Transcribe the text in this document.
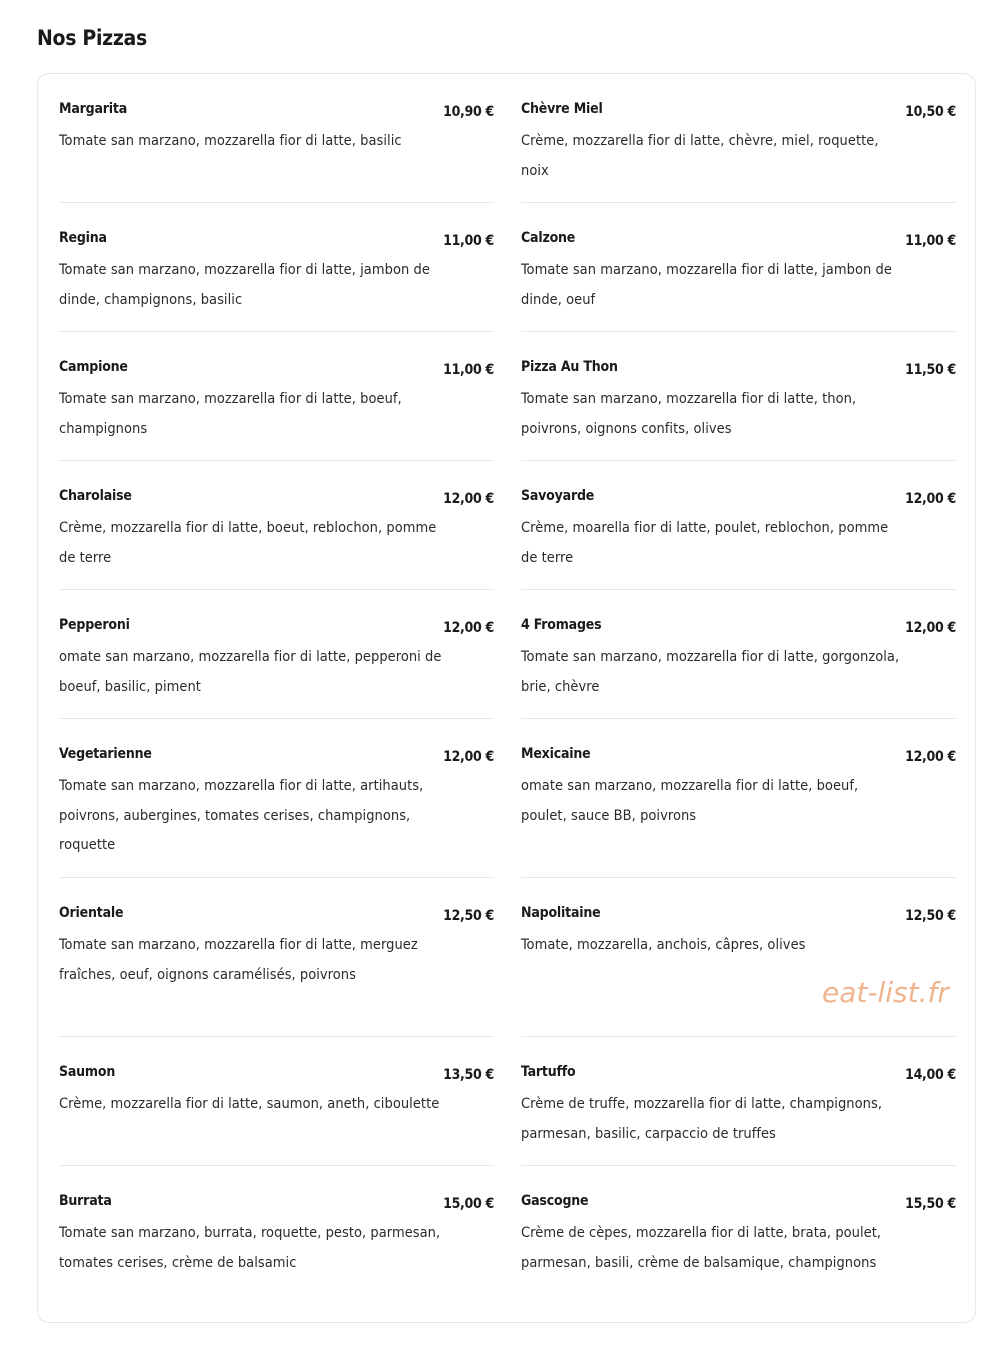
Nos Pizzas
Margarita	10,90 €
Tomate san marzano, mozzarella fior di latte, basilic
Regina	11,00 €
Tomate san marzano, mozzarella fior di latte, jambon de dinde, champignons, basilic
Campione	11,00 €
Tomate san marzano, mozzarella fior di latte, boeuf, champignons
Charolaise	12,00 €
Crème, mozzarella fior di latte, boeut, reblochon, pomme de terre
Pepperoni	12,00 €
omate san marzano, mozzarella fior di latte, pepperoni de boeuf, basilic, piment
Vegetarienne	12,00 €
Tomate san marzano, mozzarella fior di latte, artihauts, poivrons, aubergines, tomates cerises, champignons, roquette
Orientale	12,50 €
Tomate san marzano, mozzarella fior di latte, merguez fraîches, oeuf, oignons caramélisés, poivrons
Saumon	13,50 €
Crème, mozzarella fior di latte, saumon, aneth, ciboulette
Burrata	15,00 €
Tomate san marzano, burrata, roquette, pesto, parmesan, tomates cerises, crème de balsamic
Chèvre Miel	10,50 €
Crème, mozzarella fior di latte, chèvre, miel, roquette, noix
Calzone	11,00 €
Tomate san marzano, mozzarella fior di latte, jambon de dinde, oeuf
Pizza Au Thon	11,50 €
Tomate san marzano, mozzarella fior di latte, thon, poivrons, oignons confits, olives
Savoyarde	12,00 €
Crème, moarella fior di latte, poulet, reblochon, pomme de terre
4 Fromages	12,00 €
Tomate san marzano, mozzarella fior di latte, gorgonzola, brie, chèvre
Mexicaine	12,00 €
omate san marzano, mozzarella fior di latte, boeuf, poulet, sauce BB, poivrons
Napolitaine	12,50 €
Tomate, mozzarella, anchois, câpres, olives
Tartuffo	14,00 €
Crème de truffe, mozzarella fior di latte, champignons, parmesan, basilic, carpaccio de truffes
Gascogne	15,50 €
Crème de cèpes, mozzarella fior di latte, brata, poulet, parmesan, basili, crème de balsamique, champignons
eat-list.fr
